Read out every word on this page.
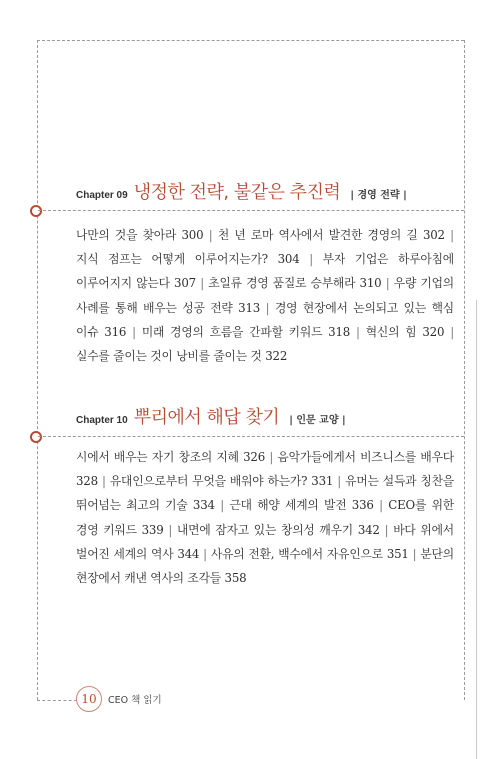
Chapter 09 냉정한 전략, 불같은 추진력 | 경영 전략 |
나만의 것을 찾아라 300 | 천 년 로마 역사에서 발견한 경영의 길 302 | 지식 점프는 어떻게 이루어지는가? 304 | 부자 기업은 하루아침에 이루어지지 않는다 307 | 초일류 경영 품질로 승부해라 310 | 우량 기업의 사례를 통해 배우는 성공 전략 313 | 경영 현장에서 논의되고 있는 핵심 이슈 316 | 미래 경영의 흐름을 간파할 키워드 318 | 혁신의 힘 320 | 실수를 줄이는 것이 낭비를 줄이는 것 322
Chapter 10 뿌리에서 해답 찾기 | 인문 교양 |
시에서 배우는 자기 창조의 지혜 326 | 음악가들에게서 비즈니스를 배우다 328 | 유대인으로부터 무엇을 배워야 하는가? 331 | 유머는 설득과 칭찬을 뛰어넘는 최고의 기술 334 | 근대 해양 세계의 발전 336 | CEO를 위한 경영 키워드 339 | 내면에 잠자고 있는 창의성 깨우기 342 | 바다 위에서 벌어진 세계의 역사 344 | 사유의 전환, 백수에서 자유인으로 351 | 분단의 현장에서 캐낸 역사의 조각들 358
10	CEO 책 읽기
